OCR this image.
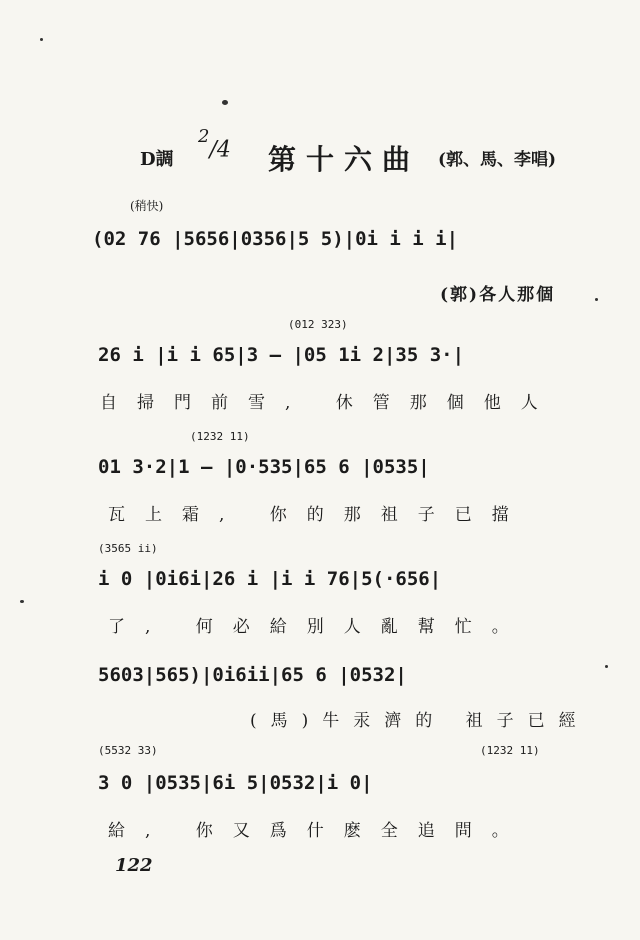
D調
$^2$/4 第十六曲 (郭、馬、李唱)
(稍快)
(02 76 |5656|0356|5 5)|0i i i i|
(郭)各人那個
(012 323)
26 i |i i 65|3 — |05 1i 2|35 3·|
自掃門前雪, 休管那個他人
(1232 11)
01 3·2|1 — |0·535|65 6 |0535|
瓦上霜, 你的那祖子已擋
(3565 ii)
i 0 |0i6i|26 i |i i 76|5(·656|
了, 何必給別人亂幫忙。
5603|565)|0i6ii|65 6 |0532|
(馬)牛汞濟的 祖子已經
(5532 33)	(1232 11)
3 0 |0535|6i 5|0532|i 0|
給, 你又爲什麽全追問。
122
